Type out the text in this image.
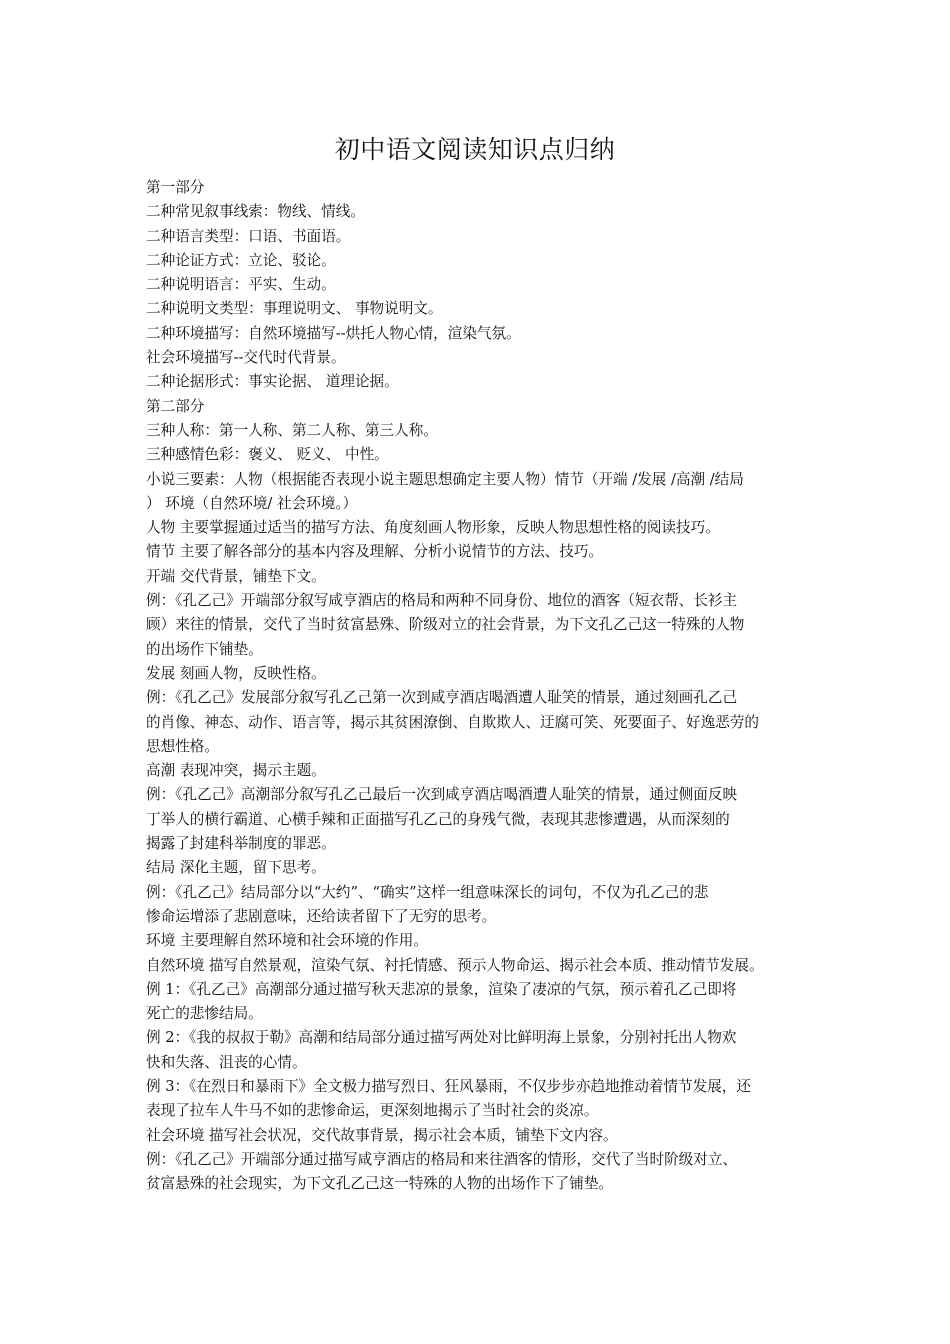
初中语文阅读知识点归纳
第一部分
二种常见叙事线索：物线、情线。
二种语言类型：口语、书面语。
二种论证方式：立论、驳论。
二种说明语言：平实、生动。
二种说明文类型：事理说明文、 事物说明文。
二种环境描写：自然环境描写--烘托人物心情，渲染气氛。
社会环境描写--交代时代背景。
二种论据形式：事实论据、 道理论据。
第二部分
三种人称：第一人称、第二人称、第三人称。
三种感情色彩：褒义、 贬义、 中性。
小说三要素：人物（根据能否表现小说主题思想确定主要人物）情节（开端 /发展 /高潮 /结局
） 环境（自然环境/ 社会环境。）
人物 主要掌握通过适当的描写方法、角度刻画人物形象，反映人物思想性格的阅读技巧。
情节 主要了解各部分的基本内容及理解、分析小说情节的方法、技巧。
开端 交代背景，铺垫下文。
例：《孔乙己》开端部分叙写咸亨酒店的格局和两种不同身份、地位的酒客（短衣帮、长衫主
顾）来往的情景，交代了当时贫富悬殊、阶级对立的社会背景，为下文孔乙己这一特殊的人物
的出场作下铺垫。
发展 刻画人物，反映性格。
例：《孔乙己》发展部分叙写孔乙己第一次到咸亨酒店喝酒遭人耻笑的情景，通过刻画孔乙己
的肖像、神态、动作、语言等，揭示其贫困潦倒、自欺欺人、迂腐可笑、死要面子、好逸恶劳的
思想性格。
高潮 表现冲突，揭示主题。
例：《孔乙己》高潮部分叙写孔乙己最后一次到咸亨酒店喝酒遭人耻笑的情景，通过侧面反映
丁举人的横行霸道、心横手辣和正面描写孔乙己的身残气微，表现其悲惨遭遇，从而深刻的
揭露了封建科举制度的罪恶。
结局 深化主题，留下思考。
例：《孔乙己》结局部分以“大约”、“确实”这样一组意味深长的词句，不仅为孔乙己的悲
惨命运增添了悲剧意味，还给读者留下了无穷的思考。
环境 主要理解自然环境和社会环境的作用。
自然环境 描写自然景观，渲染气氛、衬托情感、预示人物命运、揭示社会本质、推动情节发展。
例 1：《孔乙己》高潮部分通过描写秋天悲凉的景象，渲染了凄凉的气氛，预示着孔乙己即将
死亡的悲惨结局。
例 2：《我的叔叔于勒》高潮和结局部分通过描写两处对比鲜明海上景象，分别衬托出人物欢
快和失落、沮丧的心情。
例 3：《在烈日和暴雨下》全文极力描写烈日、狂风暴雨，不仅步步亦趋地推动着情节发展，还
表现了拉车人牛马不如的悲惨命运，更深刻地揭示了当时社会的炎凉。
社会环境 描写社会状况，交代故事背景，揭示社会本质，铺垫下文内容。
例：《孔乙己》开端部分通过描写咸亨酒店的格局和来往酒客的情形，交代了当时阶级对立、
贫富悬殊的社会现实，为下文孔乙己这一特殊的人物的出场作下了铺垫。
